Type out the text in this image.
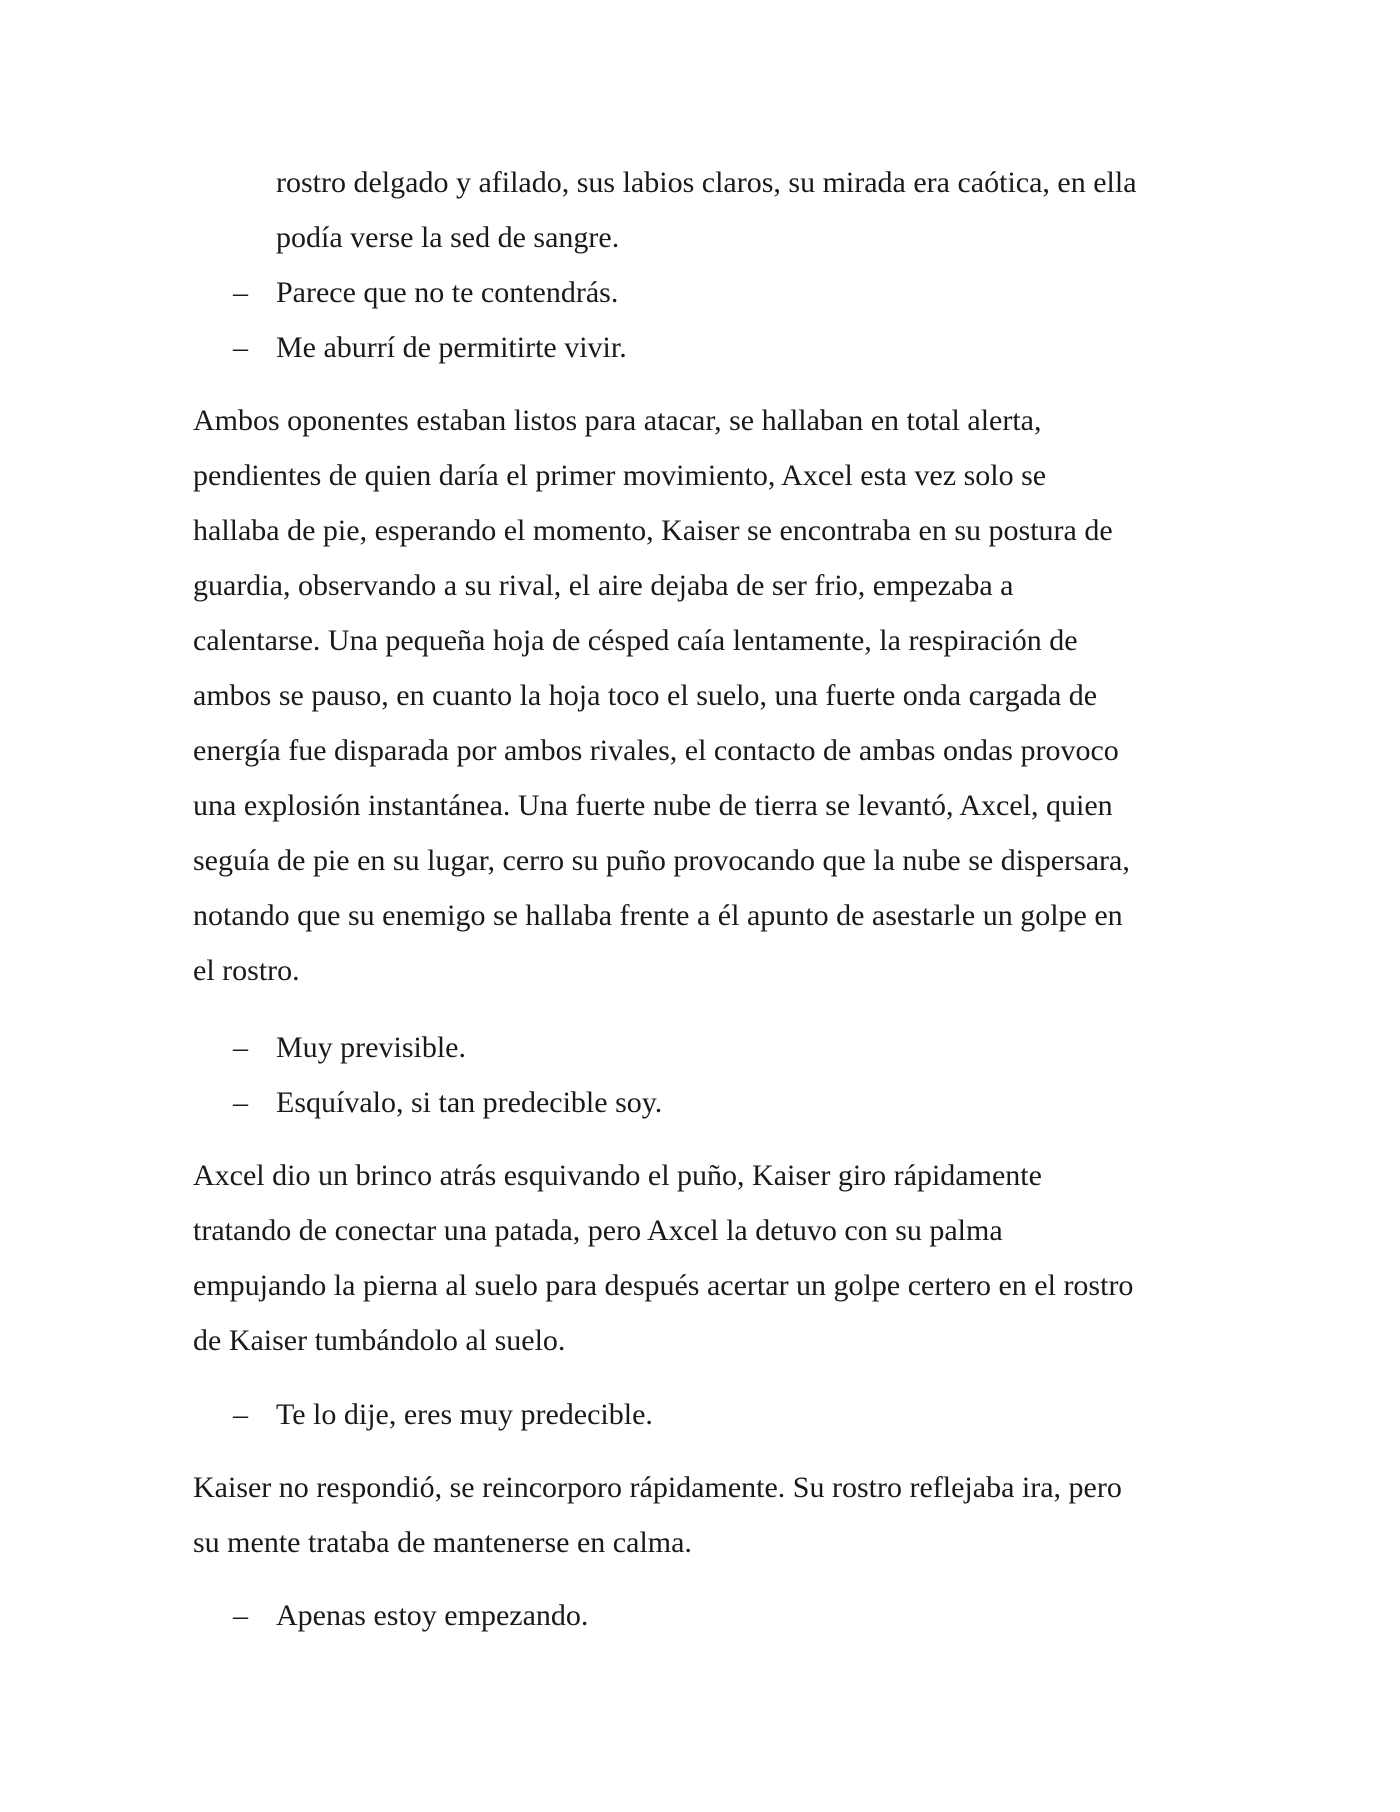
rostro delgado y afilado, sus labios claros, su mirada era caótica, en ella

podía verse la sed de sangre.

– Parece que no te contendrás.
– Me aburrí de permitirte vivir.

Ambos oponentes estaban listos para atacar, se hallaban en total alerta,

pendientes de quien daría el primer movimiento, Axcel esta vez solo se

hallaba de pie, esperando el momento, Kaiser se encontraba en su postura de

guardia, observando a su rival, el aire dejaba de ser frio, empezaba a

calentarse. Una pequeña hoja de césped caía lentamente, la respiración de

ambos se pauso, en cuanto la hoja toco el suelo, una fuerte onda cargada de

energía fue disparada por ambos rivales, el contacto de ambas ondas provoco

una explosión instantánea. Una fuerte nube de tierra se levantó, Axcel, quien

seguía de pie en su lugar, cerro su puño provocando que la nube se dispersara,

notando que su enemigo se hallaba frente a él apunto de asestarle un golpe en

el rostro.

– Muy previsible.
– Esquívalo, si tan predecible soy.

Axcel dio un brinco atrás esquivando el puño, Kaiser giro rápidamente

tratando de conectar una patada, pero Axcel la detuvo con su palma

empujando la pierna al suelo para después acertar un golpe certero en el rostro

de Kaiser tumbándolo al suelo.

– Te lo dije, eres muy predecible.

Kaiser no respondió, se reincorporo rápidamente. Su rostro reflejaba ira, pero

su mente trataba de mantenerse en calma.

– Apenas estoy empezando.
